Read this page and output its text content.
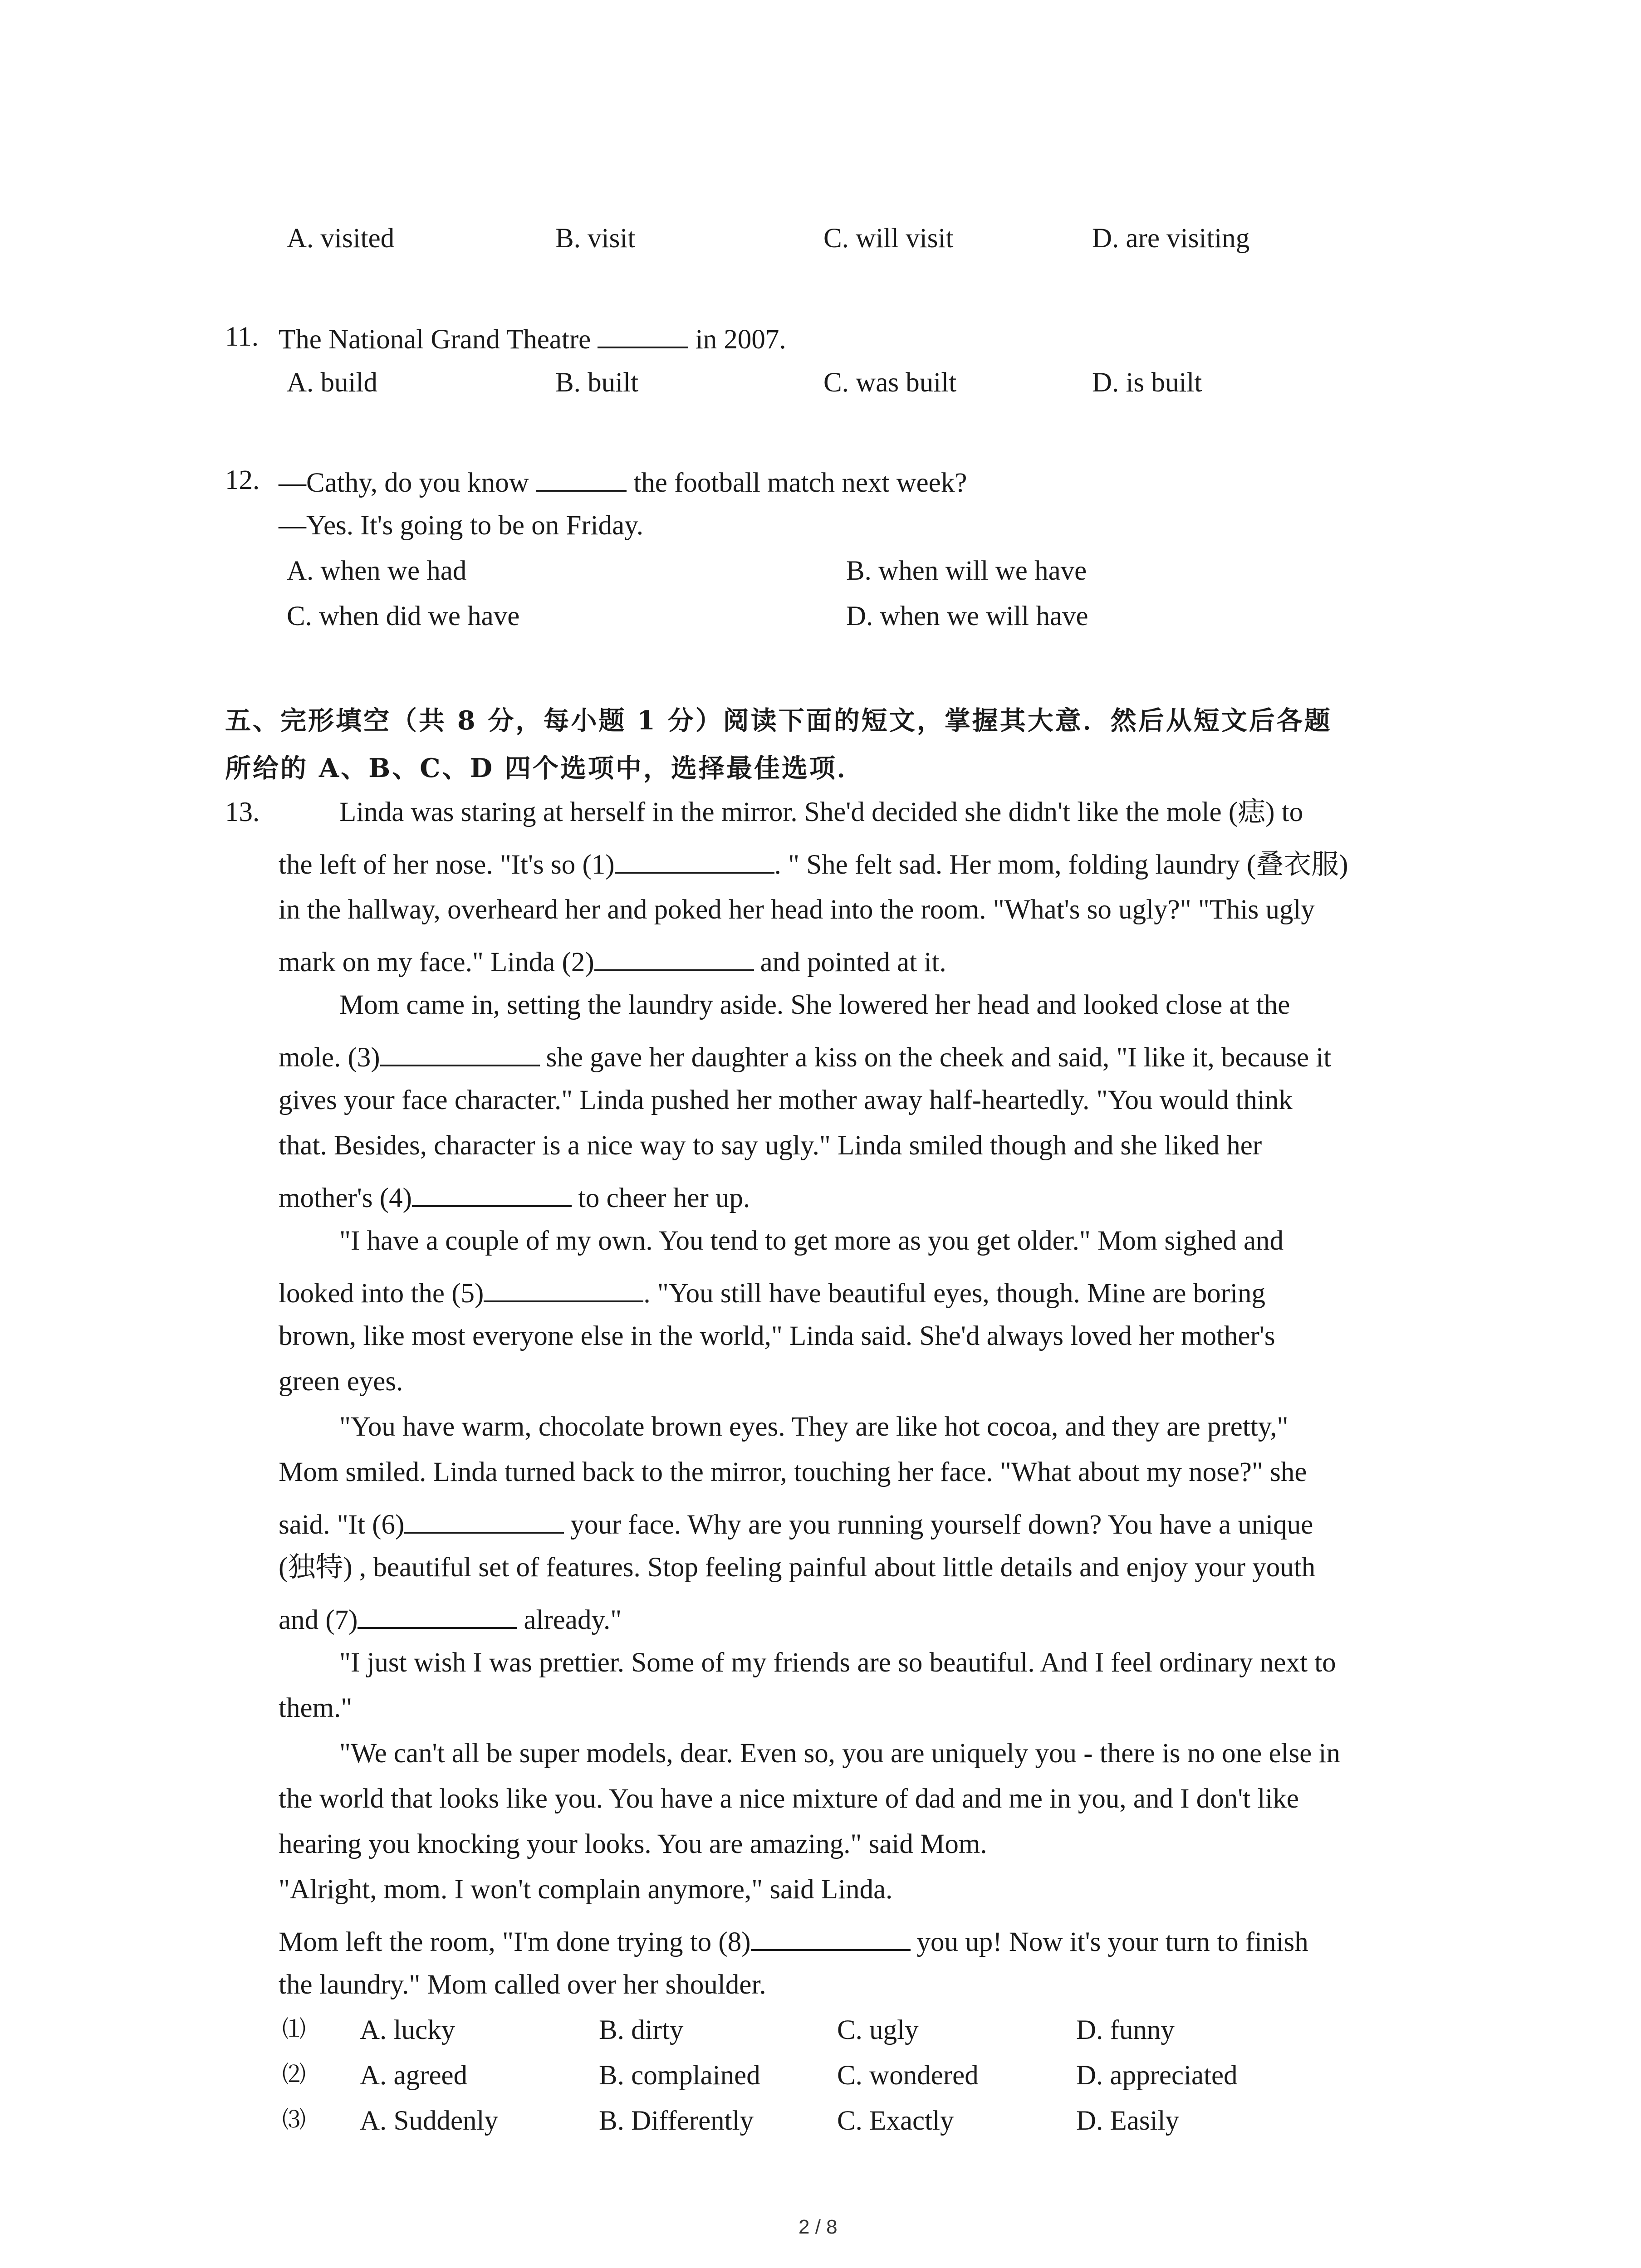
A. visited	B. visit	C. will visit	D. are visiting
11. The National Grand Theatre	in 2007.
A. build	B. built	C. was built	D. is built
12. —Cathy, do you know	the football match next week?
—Yes. It's going to be on Friday.
A. when we had	B. when will we have
C. when did we have	D. when we will have
五、完形填空（共 8 分，每小题 1 分）阅读下面的短文，掌握其大意．然后从短文后各题
所给的 A、B、C、D 四个选项中，选择最佳选项．
13.	Linda was staring at herself in the mirror. She'd decided she didn't like the mole (痣) to
the left of her nose. "It's so (1)	. " She felt sad. Her mom, folding laundry (叠衣服)
in the hallway, overheard her and poked her head into the room. "What's so ugly?" "This ugly
mark on my face." Linda (2)	and pointed at it.
Mom came in, setting the laundry aside. She lowered her head and looked close at the
mole. (3)	she gave her daughter a kiss on the cheek and said, "I like it, because it
gives your face character." Linda pushed her mother away half-heartedly. "You would think
that. Besides, character is a nice way to say ugly." Linda smiled though and she liked her
mother's (4)	to cheer her up.
"I have a couple of my own. You tend to get more as you get older." Mom sighed and
looked into the (5)	. "You still have beautiful eyes, though. Mine are boring
brown, like most everyone else in the world," Linda said. She'd always loved her mother's
green eyes.
"You have warm, chocolate brown eyes. They are like hot cocoa, and they are pretty,"
Mom smiled. Linda turned back to the mirror, touching her face. "What about my nose?" she
said. "It (6)	your face. Why are you running yourself down? You have a unique
(独特) , beautiful set of features. Stop feeling painful about little details and enjoy your youth
and (7)	already."
"I just wish I was prettier. Some of my friends are so beautiful. And I feel ordinary next to
them."
"We can't all be super models, dear. Even so, you are uniquely you - there is no one else in
the world that looks like you. You have a nice mixture of dad and me in you, and I don't like
hearing you knocking your looks. You are amazing." said Mom.
"Alright, mom. I won't complain anymore," said Linda.
Mom left the room, "I'm done trying to (8)	you up! Now it's your turn to finish
the laundry." Mom called over her shoulder.
⑴ A. lucky	B. dirty	C. ugly	D. funny
⑵ A. agreed	B. complained	C. wondered	D. appreciated
⑶ A. Suddenly	B. Differently	C. Exactly	D. Easily
2 / 8
